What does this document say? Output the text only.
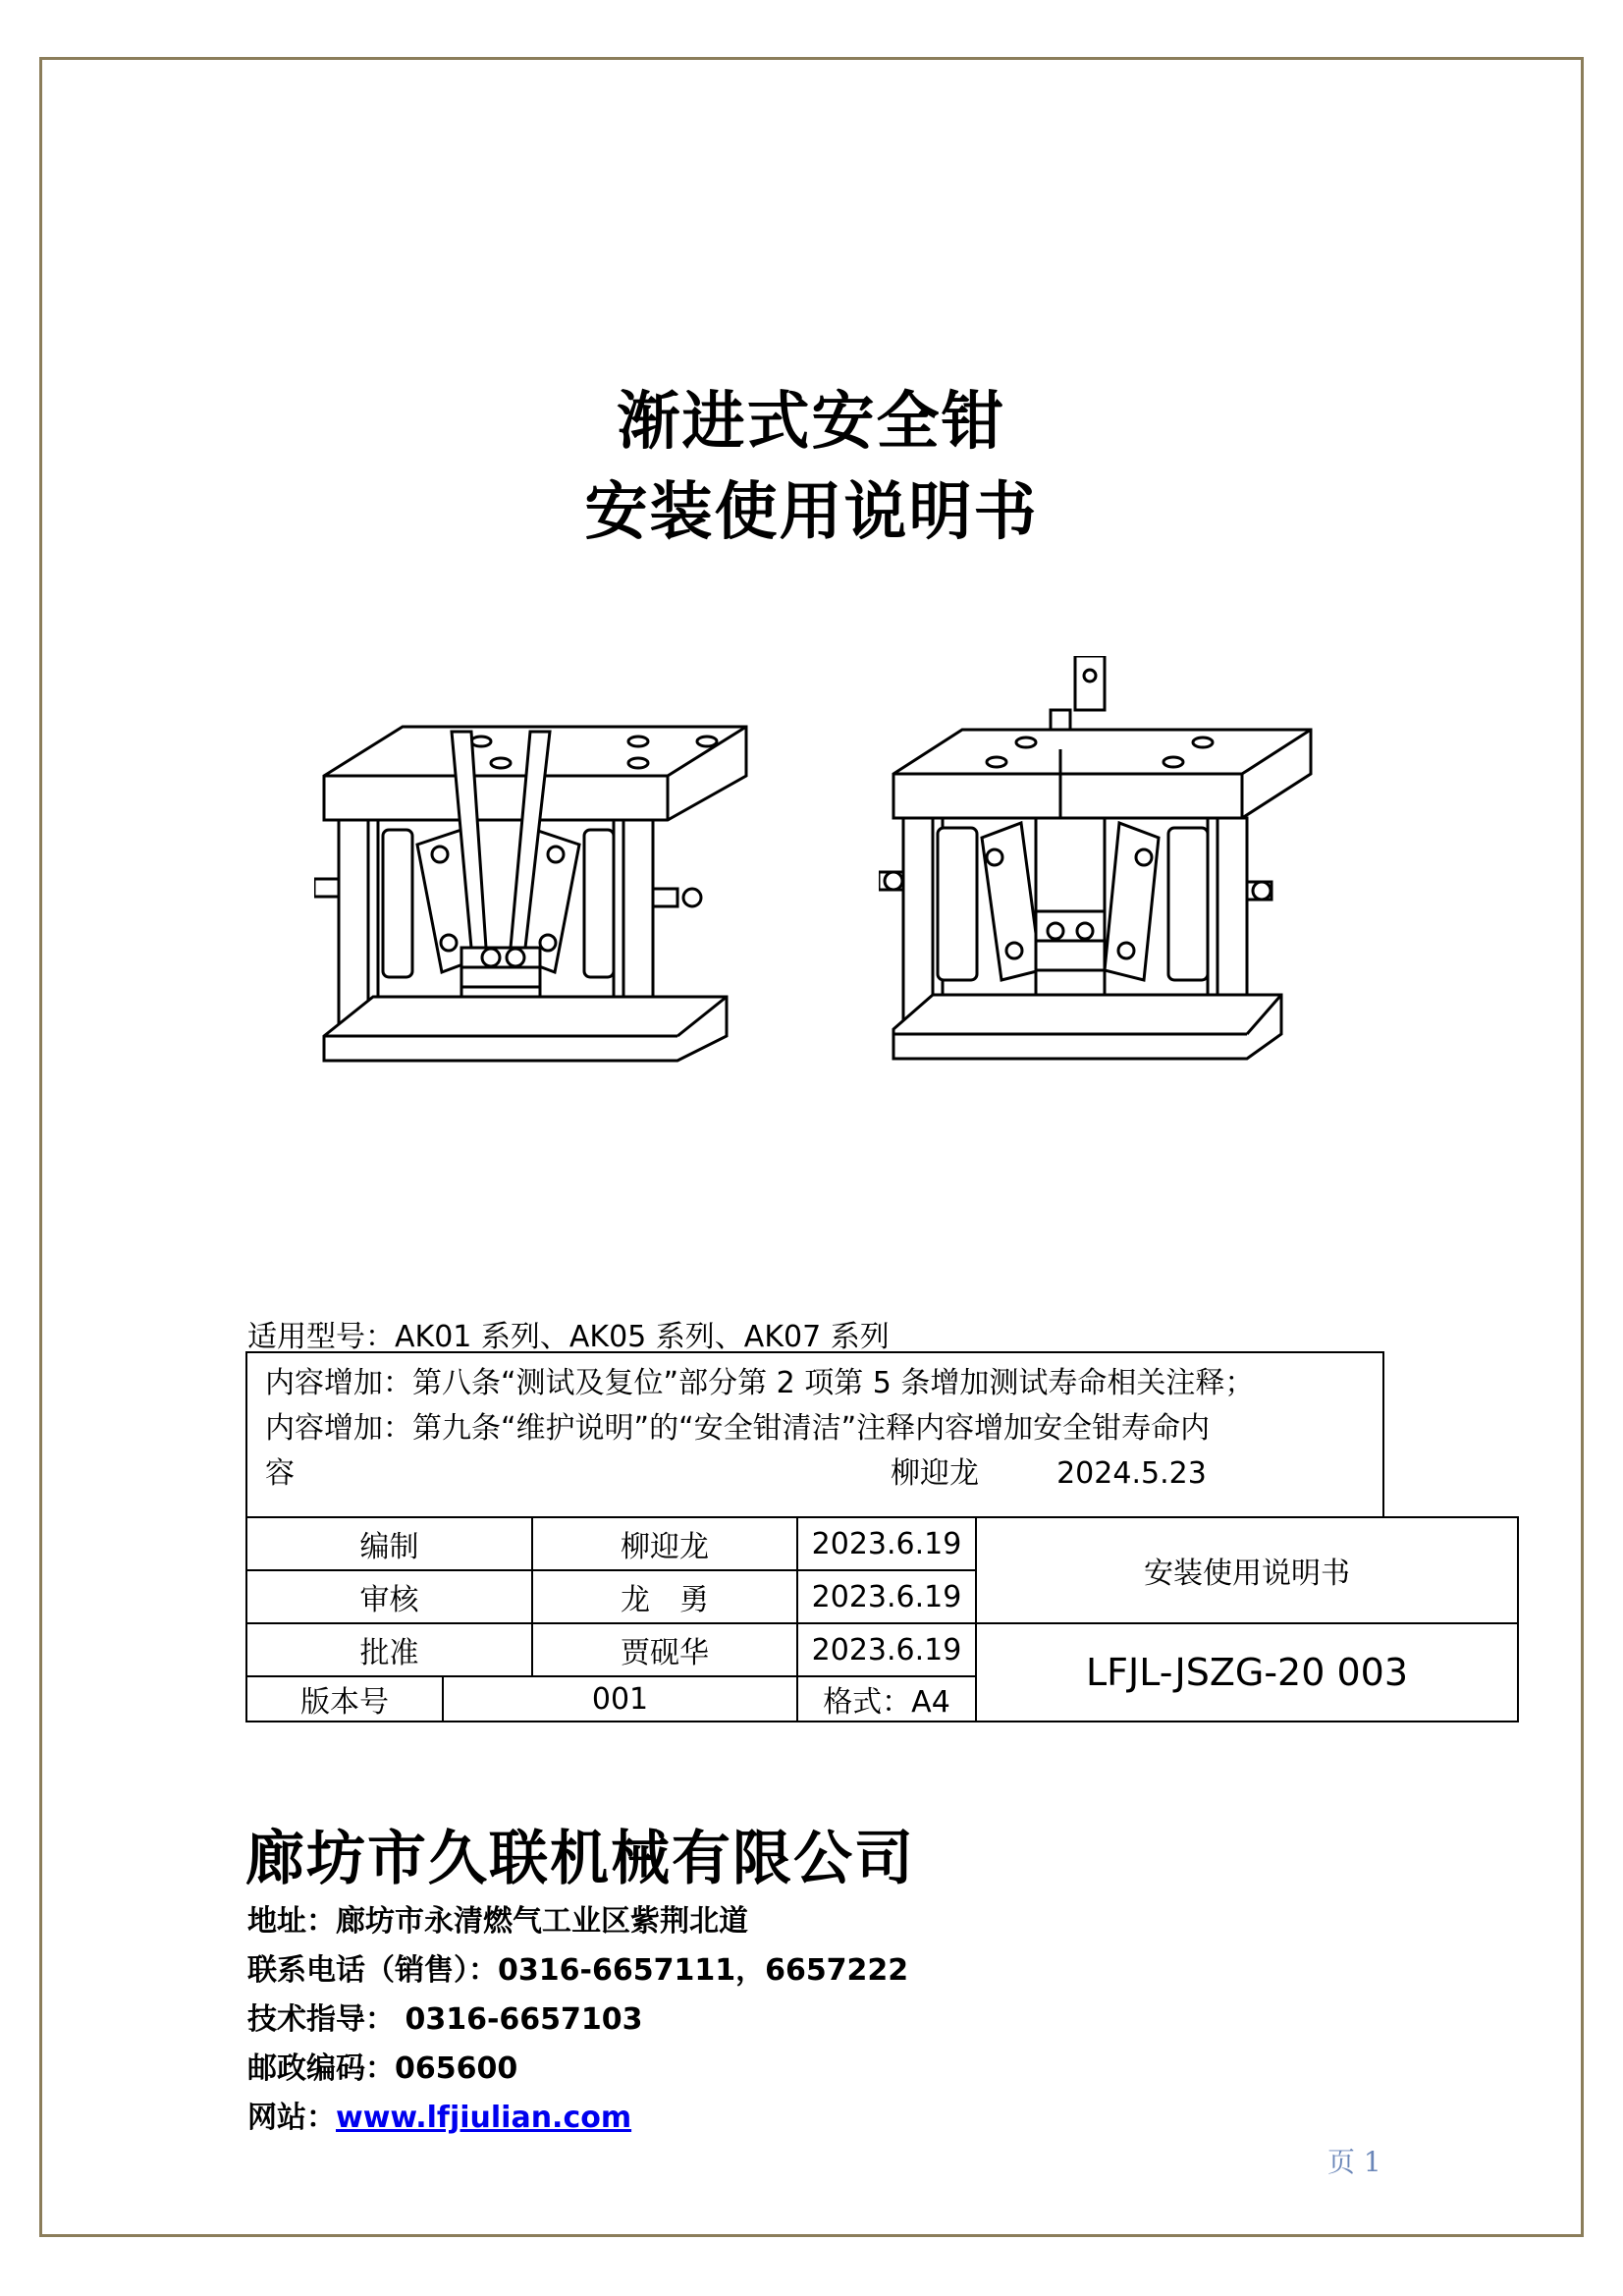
渐进式安全钳
安装使用说明书
适用型号：AK01 系列、AK05 系列、AK07 系列
内容增加：第八条“测试及复位”部分第 2 项第 5 条增加测试寿命相关注释；
内容增加：第九条“维护说明”的“安全钳清洁”注释内容增加安全钳寿命内
容	柳迎龙	2024.5.23
编制		柳迎龙	2023.6.19	安装使用说明书
审核		龙　勇	2023.6.19	
批准		贾砚华	2023.6.19	LFJL-JSZG-20 003
版本号	001		格式：A4	
廊坊市久联机械有限公司
地址：廊坊市永清燃气工业区紫荆北道
联系电话（销售）：0316-6657111，6657222
技术指导： 0316-6657103
邮政编码：065600
网站：www.lfjiulian.com
页 1
